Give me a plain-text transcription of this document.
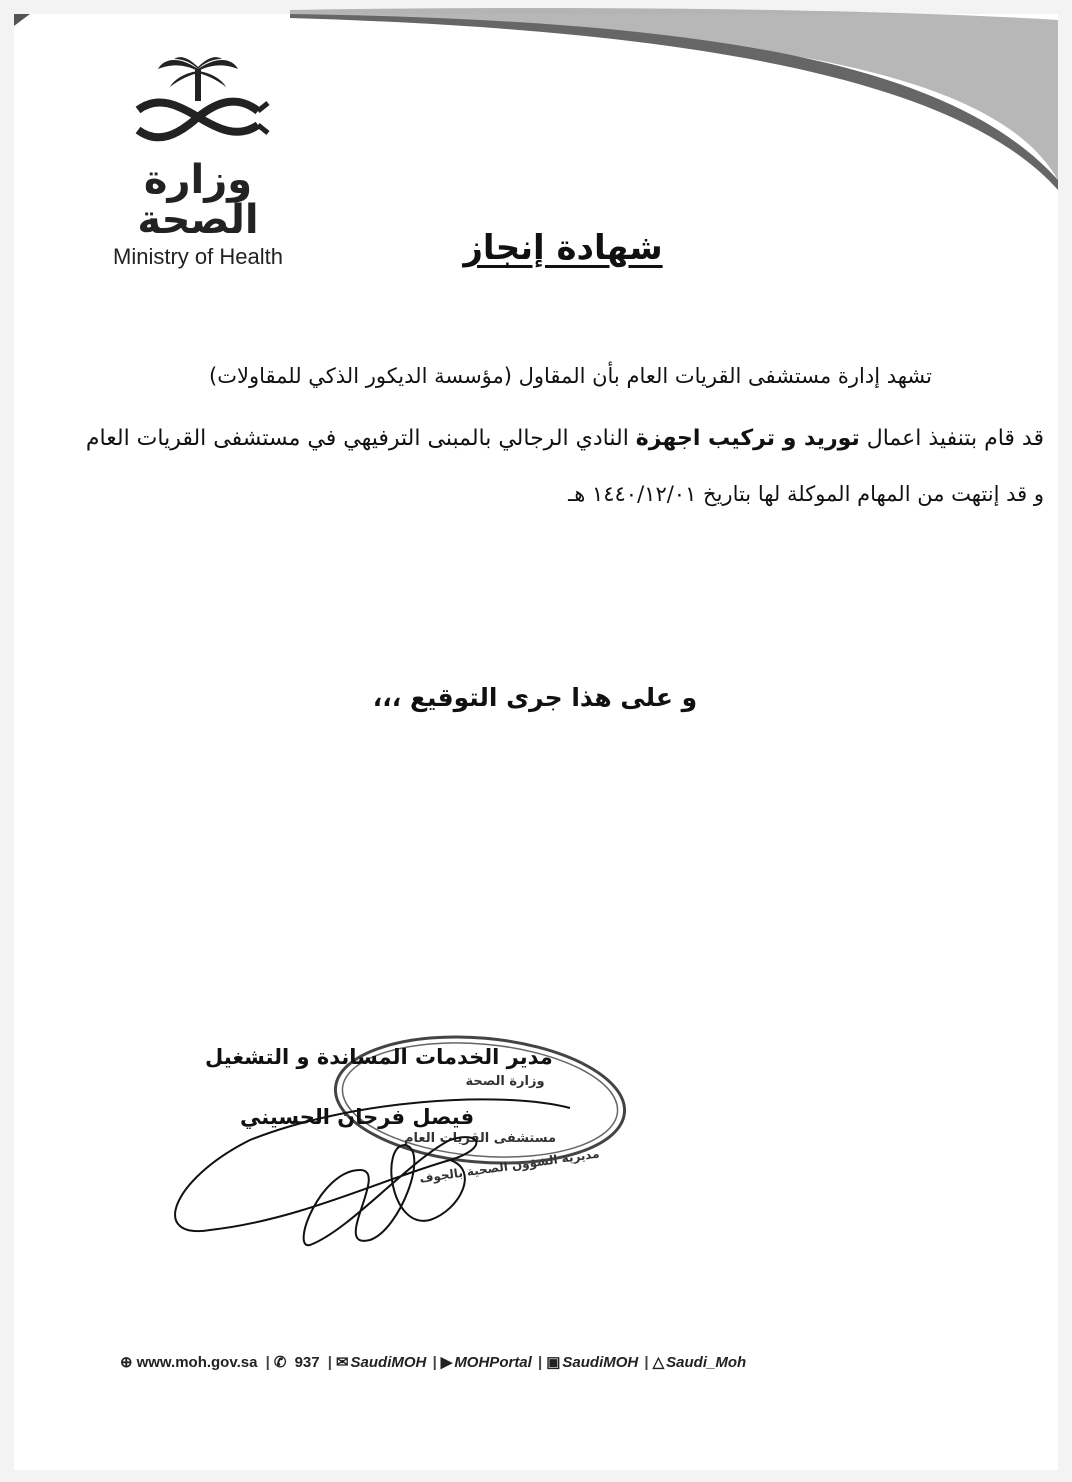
وزارة الصحة
Ministry of Health	شهادة إنجاز
تشهد إدارة مستشفى القريات العام بأن المقاول (مؤسسة الديكور الذكي للمقاولات)
قد قام بتنفيذ اعمال توريد و تركيب اجهزة النادي الرجالي بالمبنى الترفيهي في مستشفى القريات العام
و قد إنتهت من المهام الموكلة لها بتاريخ ١٤٤٠/١٢/٠١ هـ
و على هذا جرى التوقيع ،،،
وزارة الصحة
مستشفى القريات العام
مديرية الشؤون الصحية بالجوف
مدير الخدمات المساندة و التشغيل
فيصل فرحان الحسيني
⊕ www.moh.gov.sa | ✆ 937 | ✉ SaudiMOH | ▶ MOHPortal | ▣ SaudiMOH | △ Saudi_Moh
